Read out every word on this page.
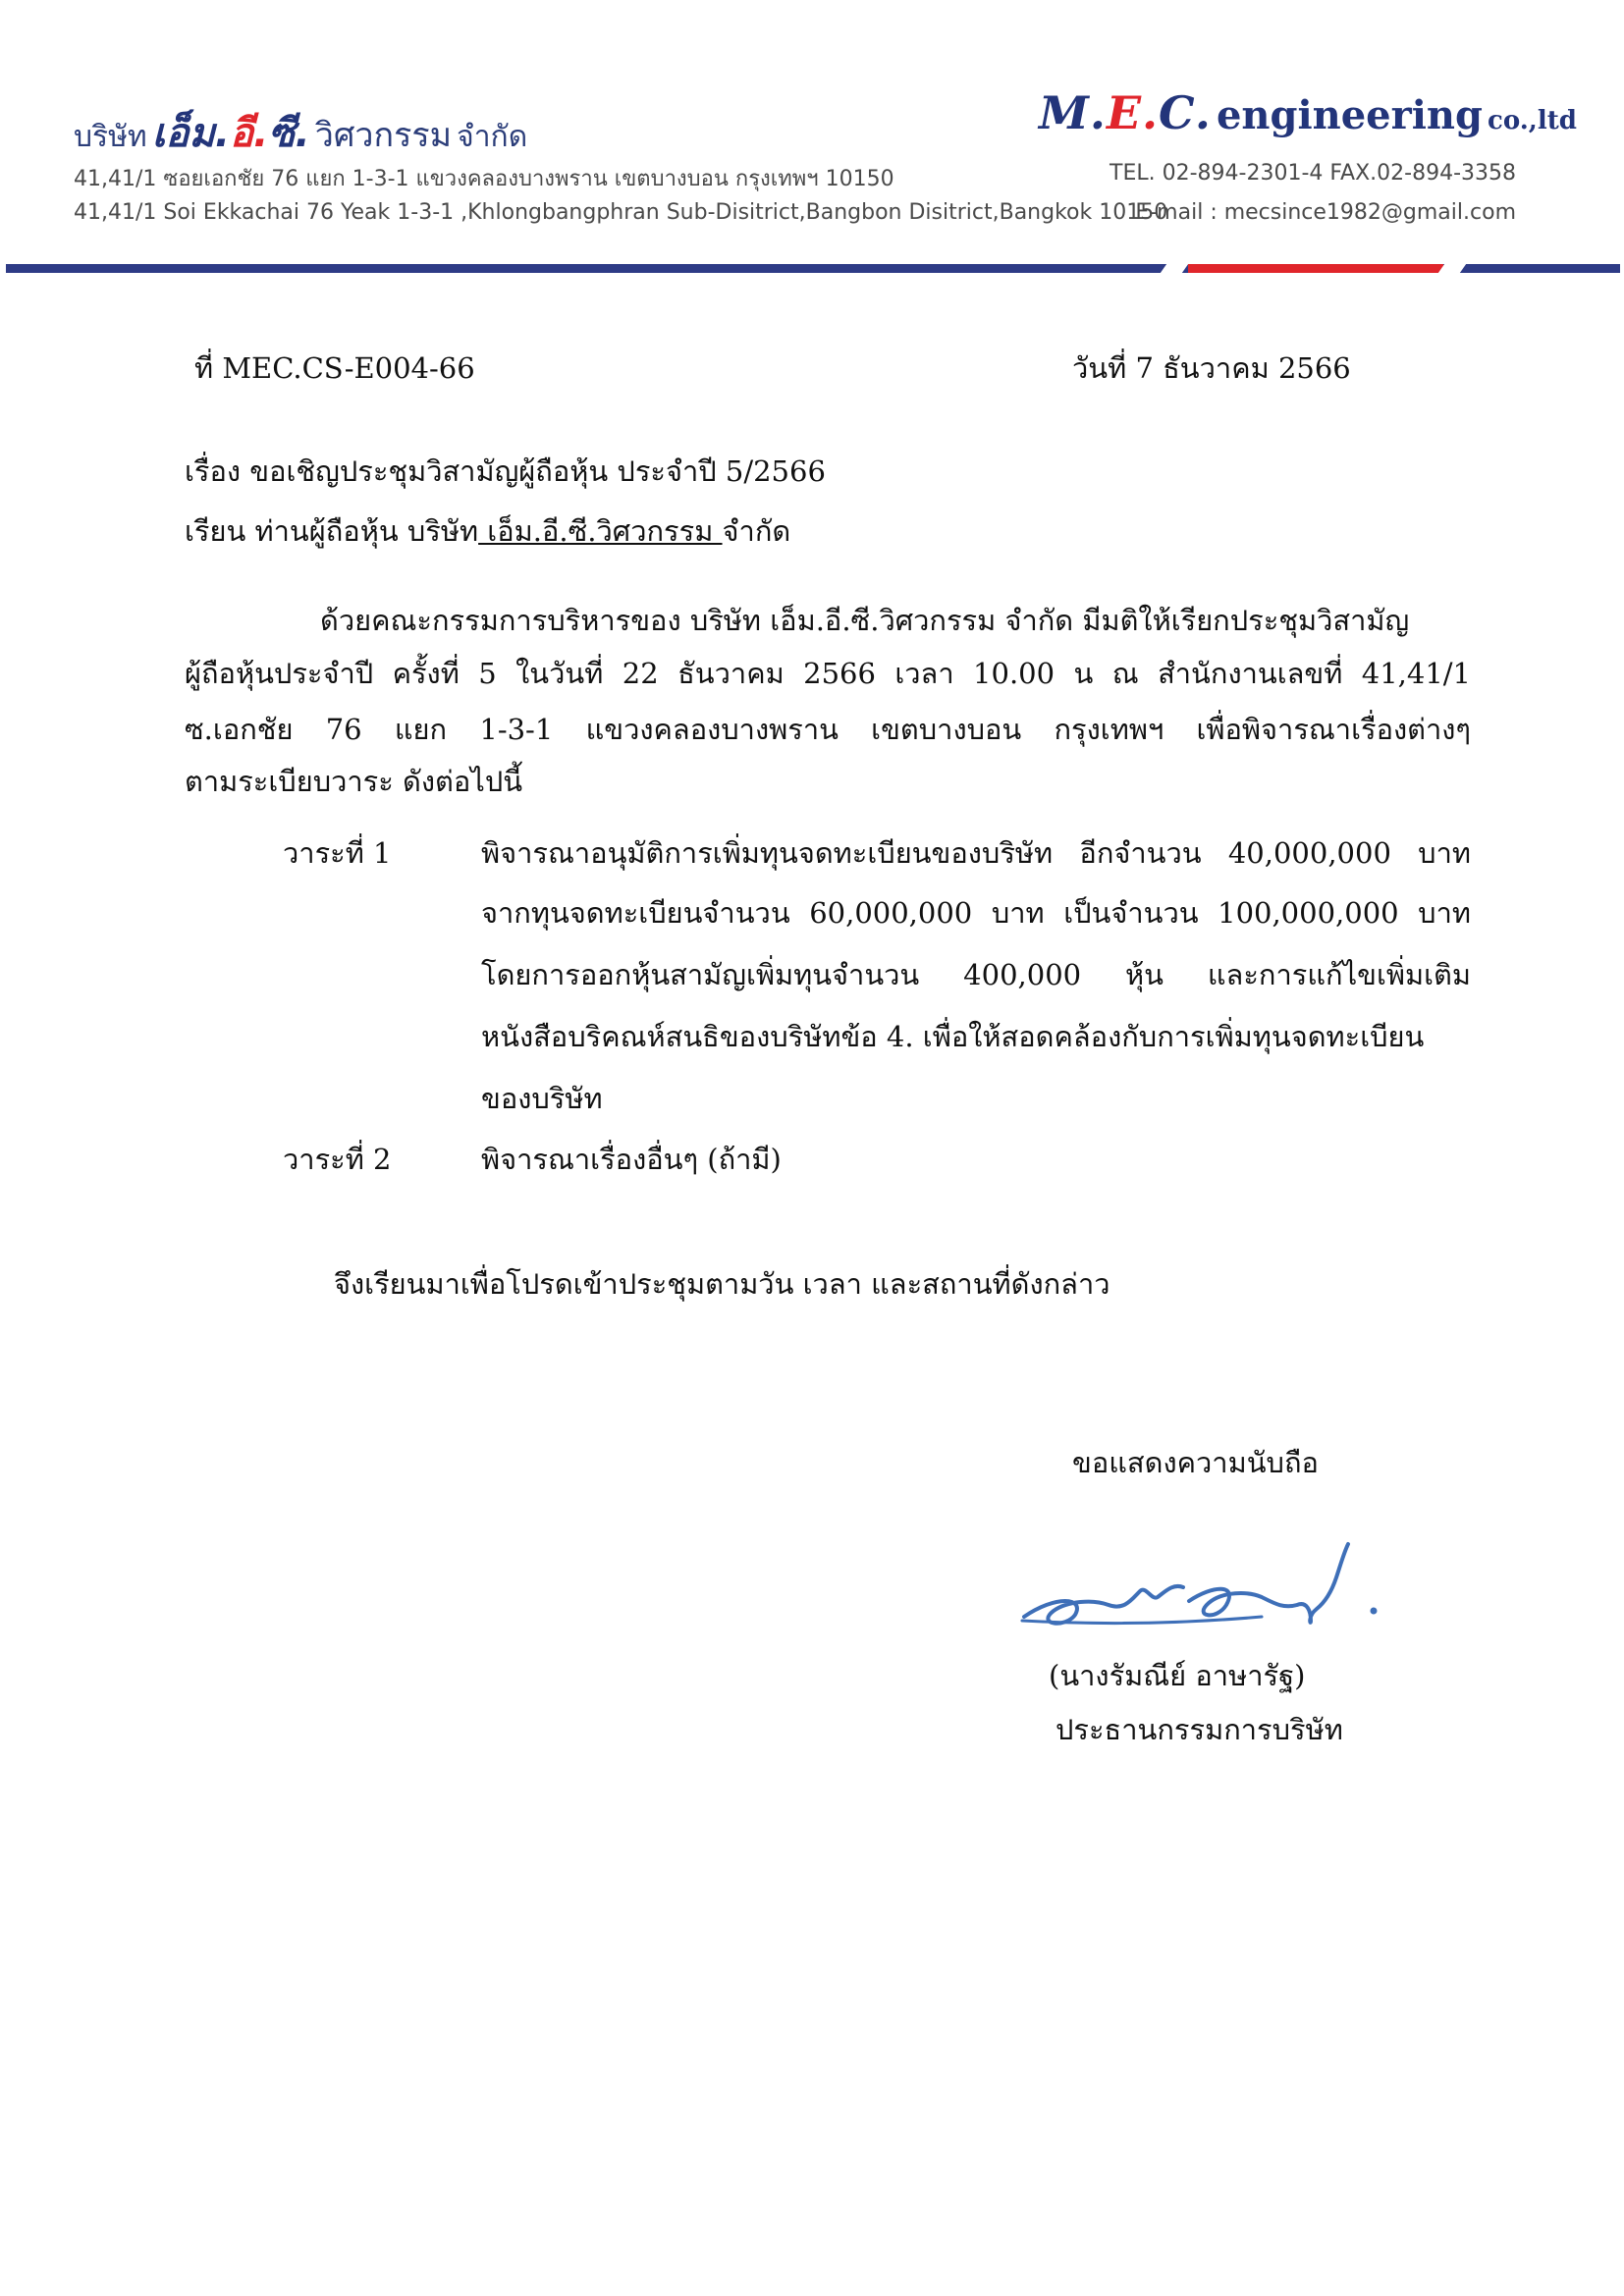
บริษัท เอ็ม.อี.ซี. วิศวกรรม จำกัด	M.E.C. engineering co.,ltd
41,41/1 ซอยเอกชัย 76 แยก 1-3-1 แขวงคลองบางพราน เขตบางบอน กรุงเทพฯ 10150
41,41/1 Soi Ekkachai 76 Yeak 1-3-1 ,Khlongbangphran Sub-Disitrict,Bangbon Disitrict,Bangkok 10150
TEL. 02-894-2301-4 FAX.02-894-3358
E-mail : mecsince1982@gmail.com
ที่ MEC.CS-E004-66	วันที่ 7 ธันวาคม 2566
เรื่อง ขอเชิญประชุมวิสามัญผู้ถือหุ้น ประจำปี 5/2566
เรียน ท่านผู้ถือหุ้น บริษัท เอ็ม.อี.ซี.วิศวกรรม จำกัด
ด้วยคณะกรรมการบริหารของ บริษัท เอ็ม.อี.ซี.วิศวกรรม จำกัด มีมติให้เรียกประชุมวิสามัญ
ผู้ถือหุ้นประจำปี ครั้งที่ 5 ในวันที่ 22 ธันวาคม 2566 เวลา 10.00 น ณ สำนักงานเลขที่ 41,41/1
ซ.เอกชัย 76 แยก 1-3-1 แขวงคลองบางพราน เขตบางบอน กรุงเทพฯ เพื่อพิจารณาเรื่องต่างๆ
ตามระเบียบวาระ ดังต่อไปนี้
วาระที่ 1	พิจารณาอนุมัติการเพิ่มทุนจดทะเบียนของบริษัท อีกจำนวน 40,000,000 บาท
จากทุนจดทะเบียนจำนวน 60,000,000 บาท เป็นจำนวน 100,000,000 บาท
โดยการออกหุ้นสามัญเพิ่มทุนจำนวน 400,000 หุ้น และการแก้ไขเพิ่มเติม
หนังสือบริคณห์สนธิของบริษัทข้อ 4. เพื่อให้สอดคล้องกับการเพิ่มทุนจดทะเบียน
ของบริษัท
วาระที่ 2	พิจารณาเรื่องอื่นๆ (ถ้ามี)
จึงเรียนมาเพื่อโปรดเข้าประชุมตามวัน เวลา และสถานที่ดังกล่าว
ขอแสดงความนับถือ
(นางรัมณีย์ อาษารัฐ)
ประธานกรรมการบริษัท
